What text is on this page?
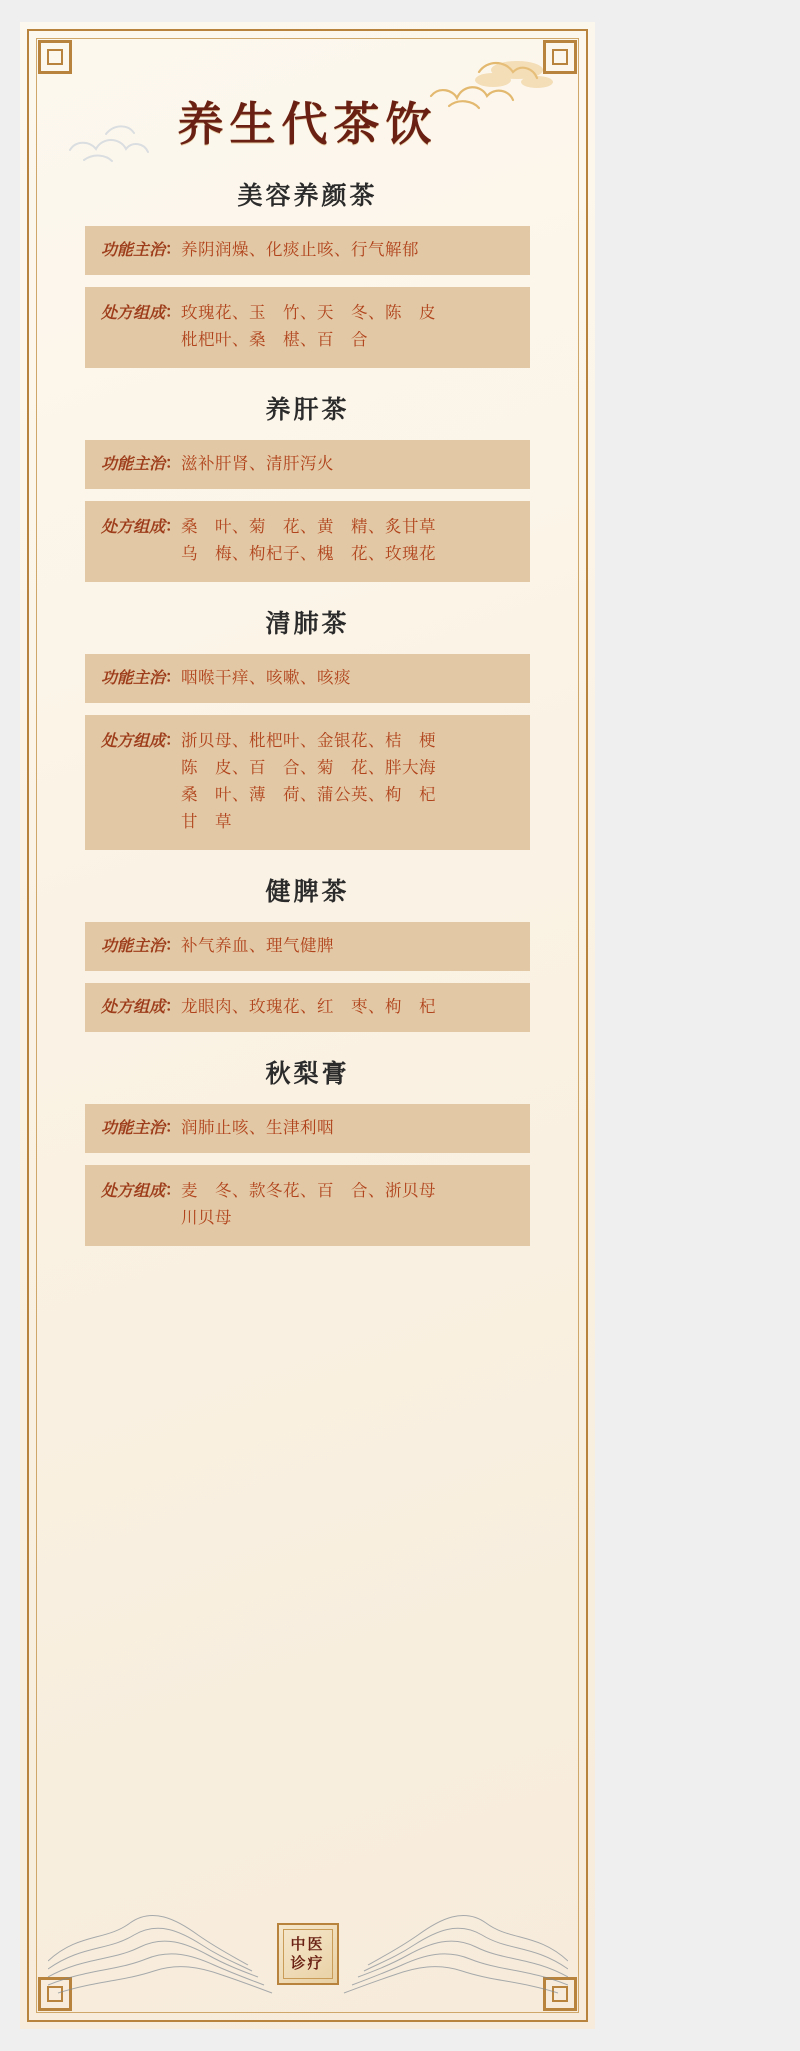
养生代茶饮
美容养颜茶
功能主治 ： 养阴润燥、化痰止咳、行气解郁
处方组成 ： 玫瑰花、玉　竹、天　冬、陈　皮
枇杷叶、桑　椹、百　合
养肝茶
功能主治 ： 滋补肝肾、清肝泻火
处方组成 ： 桑　叶、菊　花、黄　精、炙甘草
乌　梅、枸杞子、槐　花、玫瑰花
清肺茶
功能主治 ： 咽喉干痒、咳嗽、咳痰
处方组成 ： 浙贝母、枇杷叶、金银花、桔　梗
陈　皮、百　合、菊　花、胖大海
桑　叶、薄　荷、蒲公英、枸　杞
甘　草
健脾茶
功能主治 ： 补气养血、理气健脾
处方组成 ： 龙眼肉、玫瑰花、红　枣、枸　杞
秋梨膏
功能主治 ： 润肺止咳、生津利咽
处方组成 ： 麦　冬、款冬花、百　合、浙贝母
川贝母
中医
诊疗
